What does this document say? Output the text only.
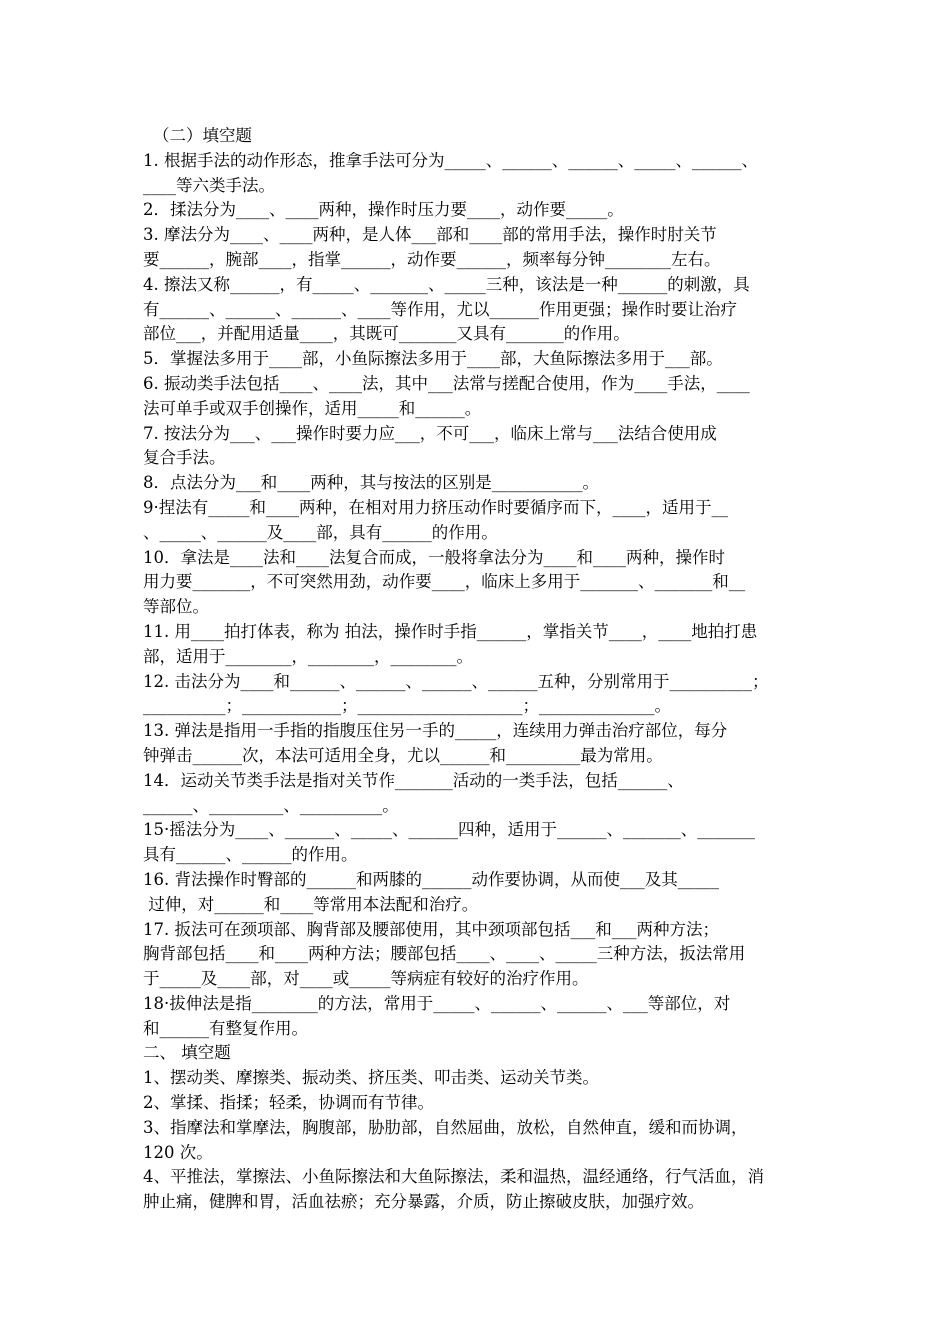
（二）填空题
1. 根据手法的动作形态，推拿手法可分为_____、______、______、_____、______、
____等六类手法。
2．揉法分为____、____两种，操作时压力要____，动作要_____。
3. 摩法分为____、____两种，是人体___部和____部的常用手法，操作时肘关节
要______，腕部____，指掌______，动作要______，频率每分钟________左右。
4. 擦法又称______，有_____、_______、_____三种，该法是一种______的刺激，具
有______、______、______、____等作用，尤以______作用更强；操作时要让治疗
部位___，并配用适量____，其既可_______又具有_______的作用。
5．掌握法多用于____部，小鱼际擦法多用于____部，大鱼际擦法多用于___部。
6. 振动类手法包括____、____法，其中___法常与搓配合使用，作为____手法，____
法可单手或双手创操作，适用_____和______。
7. 按法分为___、___操作时要力应___，不可___，临床上常与___法结合使用成
复合手法。
8．点法分为___和____两种，其与按法的区别是___________。
9·捏法有_____和____两种，在相对用力挤压动作时要循序而下，____，适用于__
、_____、______及____部，具有______的作用。
10．拿法是____法和____法复合而成，一般将拿法分为____和____两种，操作时
用力要_______，不可突然用劲，动作要____，临床上多用于_______、_______和__
等部位。
11. 用____拍打体表，称为 拍法，操作时手指______，掌指关节____，____地拍打患
部，适用于________，________，________。
12. 击法分为____和______、______、______、______五种，分别常用于__________；
__________；____________；____________________；______________。
13. 弹法是指用一手指的指腹压住另一手的_____，连续用力弹击治疗部位，每分
钟弹击______次，本法可适用全身，尤以______和_________最为常用。
14．运动关节类手法是指对关节作_______活动的一类手法，包括______、
______、_________、__________。
15·摇法分为____、______、_____、______四种，适用于______、_______、_______
具有______、______的作用。
16. 背法操作时臀部的______和两膝的______动作要协调，从而使___及其_____
过伸，对______和____等常用本法配和治疗。
17. 扳法可在颈项部、胸背部及腰部使用，其中颈项部包括___和___两种方法；
胸背部包括____和____两种方法；腰部包括____、____、_____三种方法，扳法常用
于_____及____部，对____或_____等病症有较好的治疗作用。
18·拔伸法是指________的方法，常用于_____、______、______、___等部位，对
和______有整复作用。
二、 填空题
1、摆动类、摩擦类、振动类、挤压类、叩击类、运动关节类。
2、掌揉、指揉；轻柔，协调而有节律。
3、指摩法和掌摩法，胸腹部，胁肋部，自然屈曲，放松，自然伸直，缓和而协调，
120 次。
4、平推法，掌擦法、小鱼际擦法和大鱼际擦法，柔和温热，温经通络，行气活血，消
肿止痛，健脾和胃，活血祛瘀；充分暴露，介质，防止擦破皮肤，加强疗效。
